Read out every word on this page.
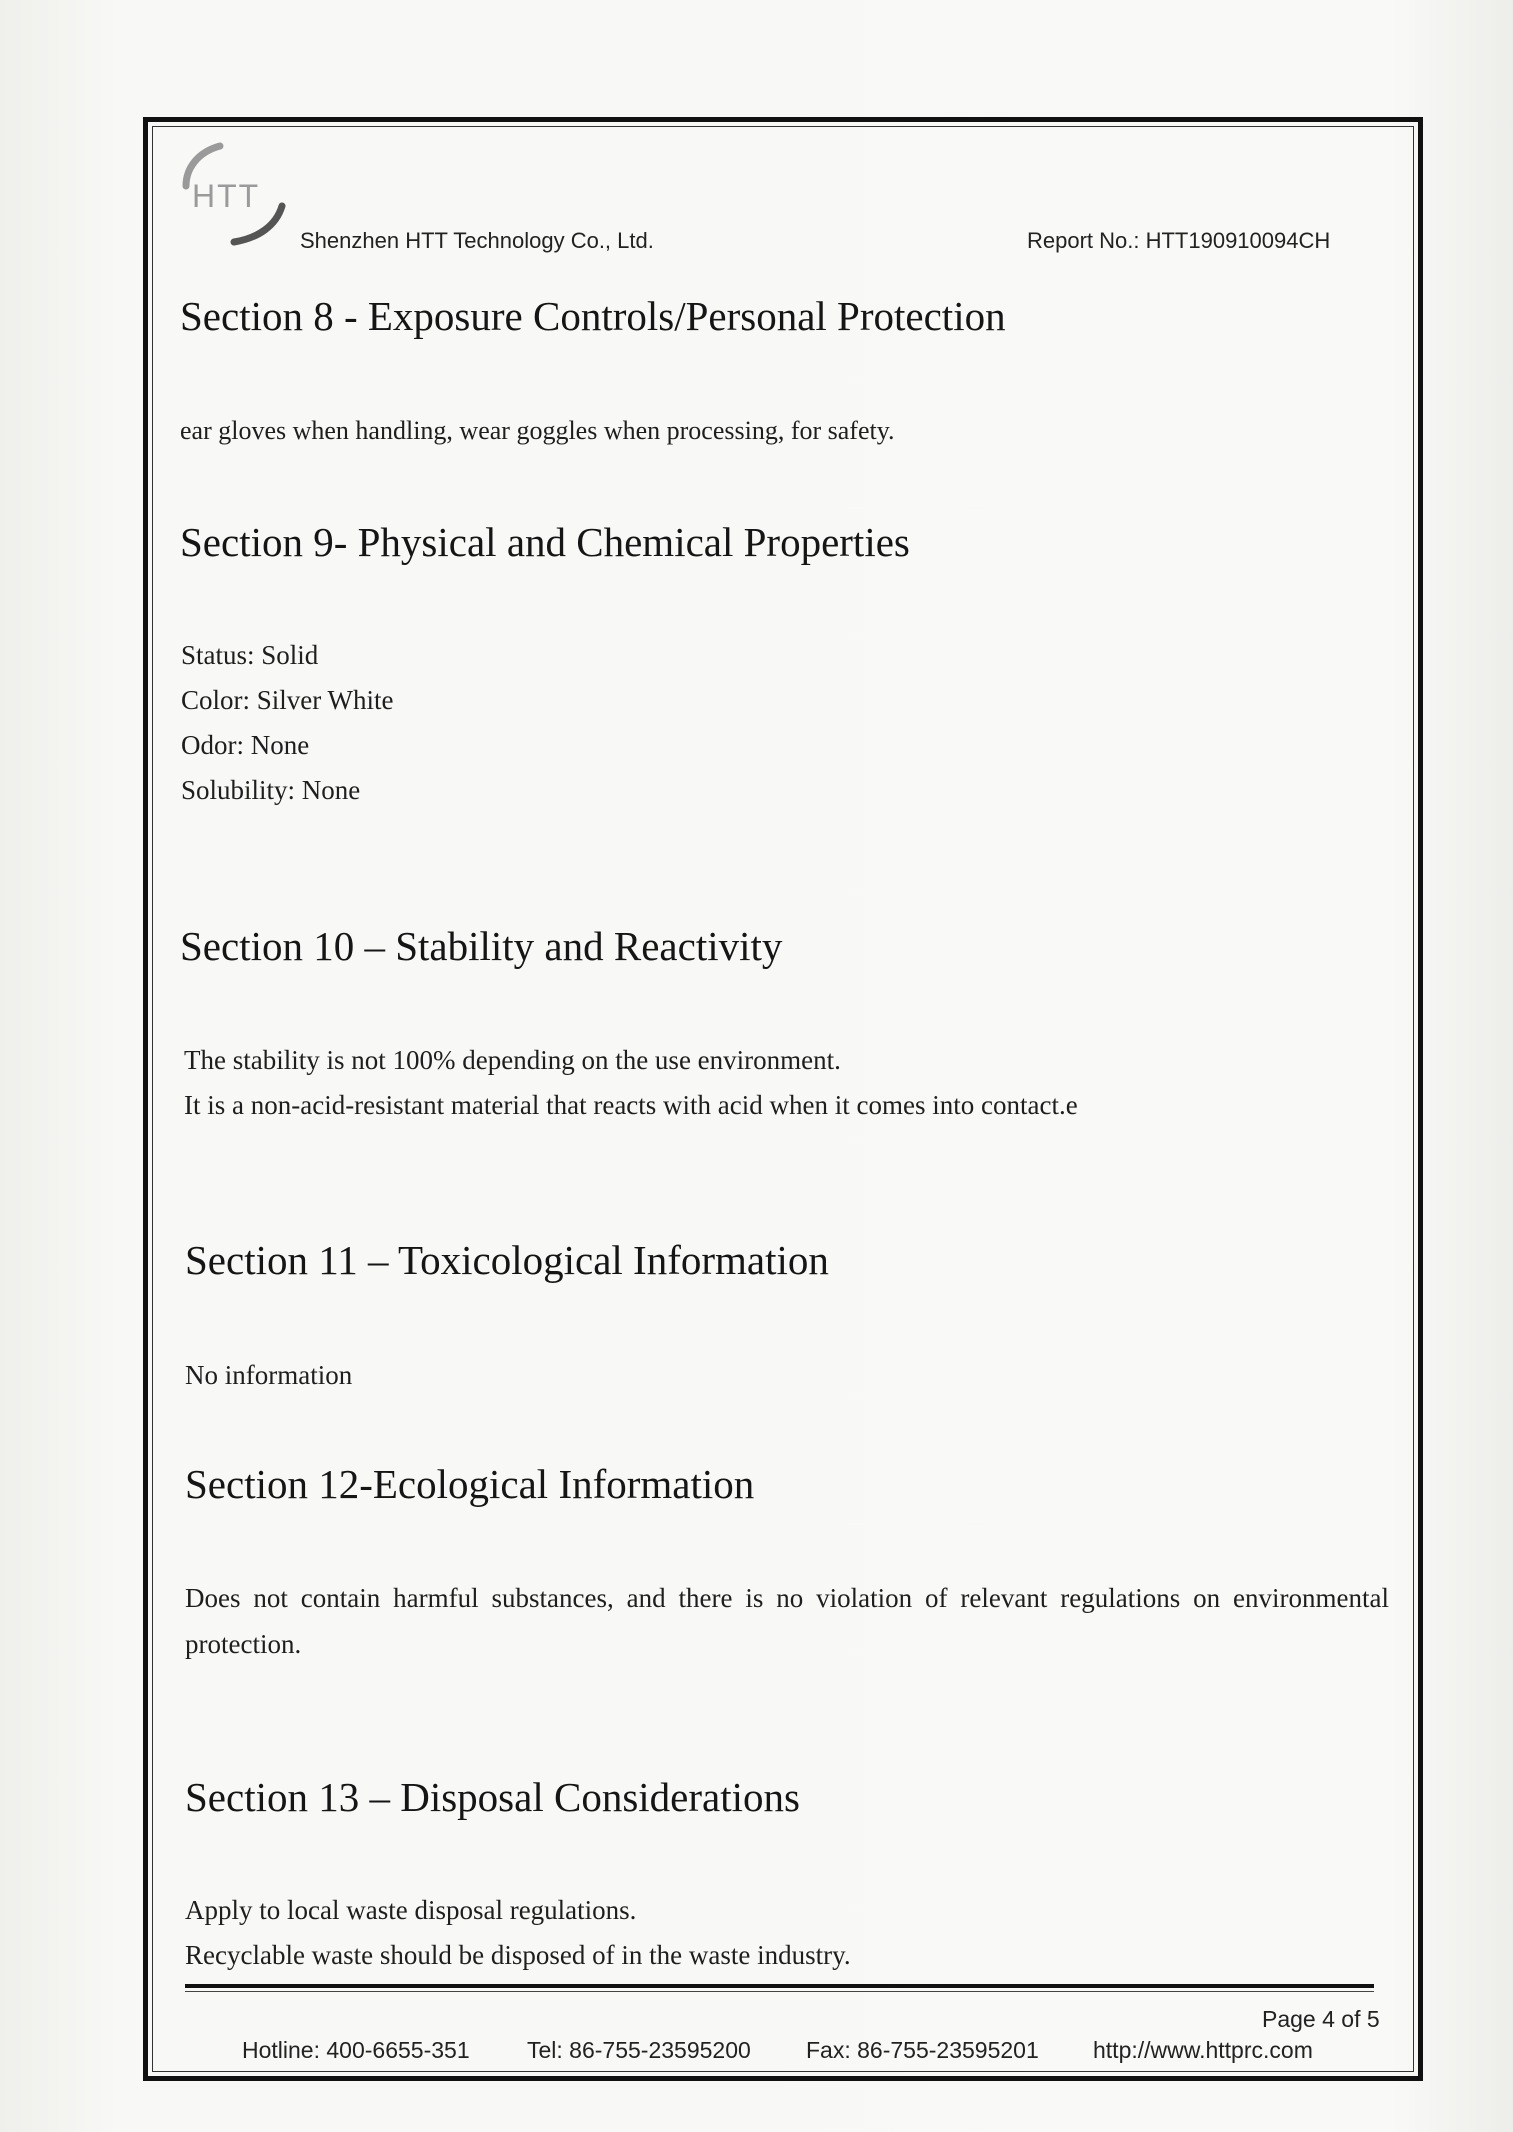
HTT
Shenzhen HTT Technology Co., Ltd.	Report No.: HTT190910094CH
Section 8 - Exposure Controls/Personal Protection

ear gloves when handling, wear goggles when processing, for safety.

Section 9- Physical and Chemical Properties
Status: Solid
Color: Silver White
Odor: None
Solubility: None
Section 10 – Stability and Reactivity
The stability is not 100% depending on the use environment.
It is a non-acid-resistant material that reacts with acid when it comes into contact.e
Section 11 – Toxicological Information
No information
Section 12-Ecological Information

Does not contain harmful substances, and there is no violation of relevant regulations on environmental protection.

Section 13 – Disposal Considerations
Apply to local waste disposal regulations.
Recyclable waste should be disposed of in the waste industry.
Page 4 of 5
Hotline: 400-6655-351 Tel: 86-755-23595200 Fax: 86-755-23595201 http://www.httprc.com
